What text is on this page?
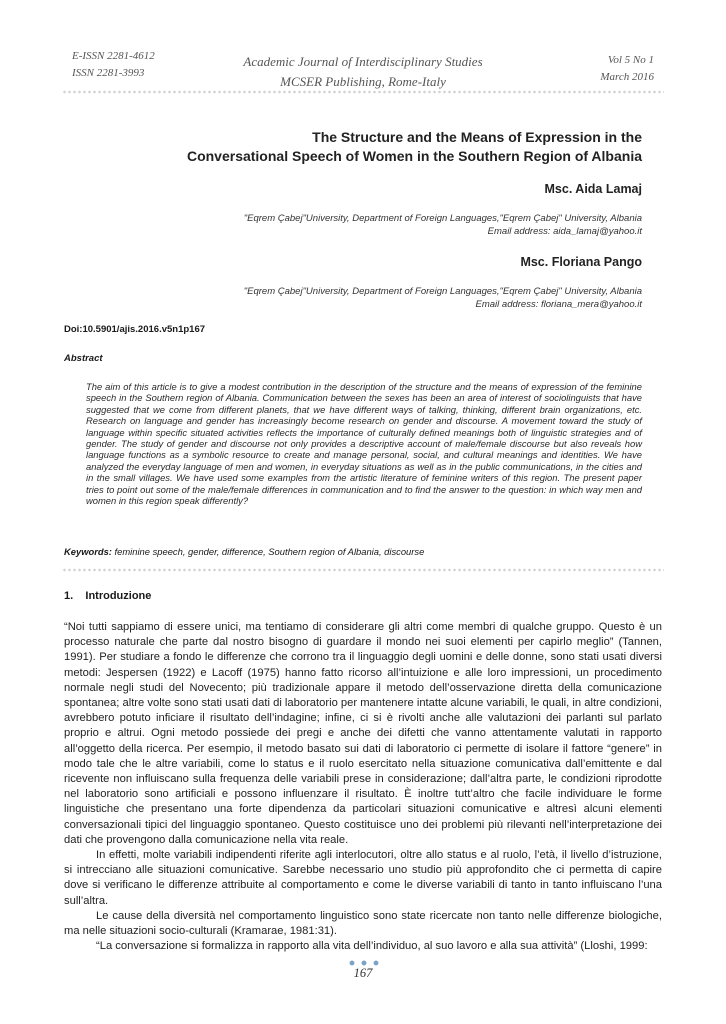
E-ISSN 2281-4612
ISSN 2281-3993
Academic Journal of Interdisciplinary Studies
MCSER Publishing, Rome-Italy
Vol 5 No 1
March 2016
The Structure and the Means of Expression in the
Conversational Speech of Women in the Southern Region of Albania
Msc. Aida Lamaj
"Eqrem Çabej"University, Department of Foreign Languages,"Eqrem Çabej" University, Albania
Email address: aida_lamaj@yahoo.it
Msc. Floriana Pango
"Eqrem Çabej"University, Department of Foreign Languages,"Eqrem Çabej" University, Albania
Email address: floriana_mera@yahoo.it
Doi:10.5901/ajis.2016.v5n1p167
Abstract
The aim of this article is to give a modest contribution in the description of the structure and the means of expression of the feminine speech in the Southern region of Albania. Communication between the sexes has been an area of interest of sociolinguists that have suggested that we come from different planets, that we have different ways of talking, thinking, different brain organizations, etc. Research on language and gender has increasingly become research on gender and discourse. A movement toward the study of language within specific situated activities reflects the importance of culturally defined meanings both of linguistic strategies and of gender. The study of gender and discourse not only provides a descriptive account of male/female discourse but also reveals how language functions as a symbolic resource to create and manage personal, social, and cultural meanings and identities. We have analyzed the everyday language of men and women, in everyday situations as well as in the public communications, in the cities and in the small villages. We have used some examples from the artistic literature of feminine writers of this region. The present paper tries to point out some of the male/female differences in communication and to find the answer to the question: in which way men and women in this region speak differently?
Keywords: feminine speech, gender, difference, Southern region of Albania, discourse
1.    Introduzione

“Noi tutti sappiamo di essere unici, ma tentiamo di considerare gli altri come membri di qualche gruppo. Questo è un processo naturale che parte dal nostro bisogno di guardare il mondo nei suoi elementi per capirlo meglio” (Tannen, 1991). Per studiare a fondo le differenze che corrono tra il linguaggio degli uomini e delle donne, sono stati usati diversi metodi: Jespersen (1922) e Lacoff (1975) hanno fatto ricorso all’intuizione e alle loro impressioni, un procedimento normale negli studi del Novecento; più tradizionale appare il metodo dell’osservazione diretta della comunicazione spontanea; altre volte sono stati usati dati di laboratorio per mantenere intatte alcune variabili, le quali, in altre condizioni, avrebbero potuto inficiare il risultato dell’indagine; infine, ci si è rivolti anche alle valutazioni dei parlanti sul parlato proprio e altrui. Ogni metodo possiede dei pregi e anche dei difetti che vanno attentamente valutati in rapporto all’oggetto della ricerca. Per esempio, il metodo basato sui dati di laboratorio ci permette di isolare il fattore “genere” in modo tale che le altre variabili, come lo status e il ruolo esercitato nella situazione comunicativa dall’emittente e dal ricevente non influiscano sulla frequenza delle variabili prese in considerazione; dall’altra parte, le condizioni riprodotte nel laboratorio sono artificiali e possono influenzare il risultato. È inoltre tutt’altro che facile individuare le forme linguistiche che presentano una forte dipendenza da particolari situazioni comunicative e altresì alcuni elementi conversazionali tipici del linguaggio spontaneo. Questo costituisce uno dei problemi più rilevanti nell’interpretazione dei dati che provengono dalla comunicazione nella vita reale.

In effetti, molte variabili indipendenti riferite agli interlocutori, oltre allo status e al ruolo, l’età, il livello d’istruzione, si intrecciano alle situazioni comunicative. Sarebbe necessario uno studio più approfondito che ci permetta di capire dove si verificano le differenze attribuite al comportamento e come le diverse variabili di tanto in tanto influiscano l’una sull’altra.

Le cause della diversità nel comportamento linguistico sono state ricercate non tanto nelle differenze biologiche, ma nelle situazioni socio-culturali (Kramarae, 1981:31).

“La conversazione si formalizza in rapporto alla vita dell’individuo, al suo lavoro e alla sua attività” (Lloshi, 1999:

167
